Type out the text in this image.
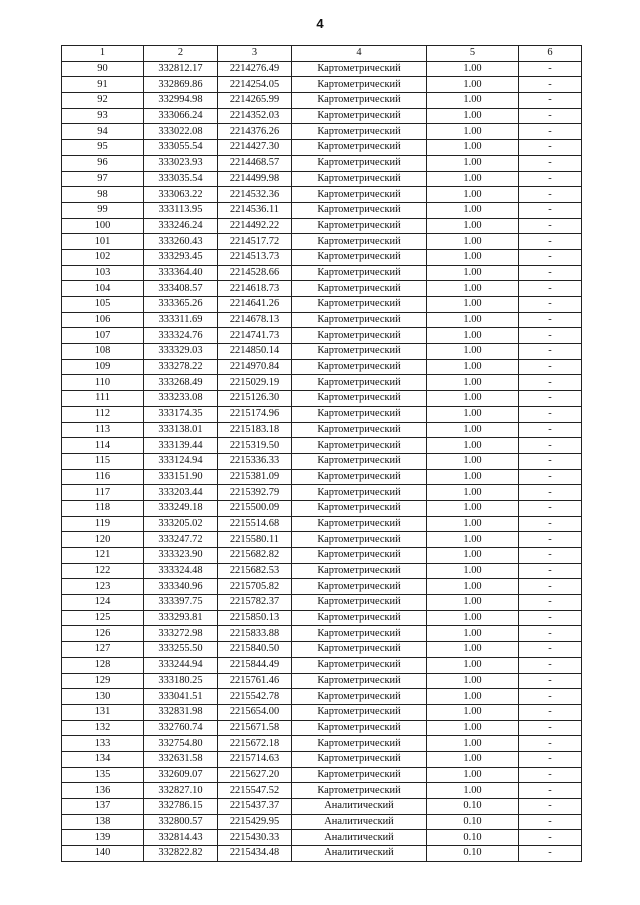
4
1	2	3	4	5	6
90	332812.17	2214276.49	Картометрический	1.00	-
91	332869.86	2214254.05	Картометрический	1.00	-
92	332994.98	2214265.99	Картометрический	1.00	-
93	333066.24	2214352.03	Картометрический	1.00	-
94	333022.08	2214376.26	Картометрический	1.00	-
95	333055.54	2214427.30	Картометрический	1.00	-
96	333023.93	2214468.57	Картометрический	1.00	-
97	333035.54	2214499.98	Картометрический	1.00	-
98	333063.22	2214532.36	Картометрический	1.00	-
99	333113.95	2214536.11	Картометрический	1.00	-
100	333246.24	2214492.22	Картометрический	1.00	-
101	333260.43	2214517.72	Картометрический	1.00	-
102	333293.45	2214513.73	Картометрический	1.00	-
103	333364.40	2214528.66	Картометрический	1.00	-
104	333408.57	2214618.73	Картометрический	1.00	-
105	333365.26	2214641.26	Картометрический	1.00	-
106	333311.69	2214678.13	Картометрический	1.00	-
107	333324.76	2214741.73	Картометрический	1.00	-
108	333329.03	2214850.14	Картометрический	1.00	-
109	333278.22	2214970.84	Картометрический	1.00	-
110	333268.49	2215029.19	Картометрический	1.00	-
111	333233.08	2215126.30	Картометрический	1.00	-
112	333174.35	2215174.96	Картометрический	1.00	-
113	333138.01	2215183.18	Картометрический	1.00	-
114	333139.44	2215319.50	Картометрический	1.00	-
115	333124.94	2215336.33	Картометрический	1.00	-
116	333151.90	2215381.09	Картометрический	1.00	-
117	333203.44	2215392.79	Картометрический	1.00	-
118	333249.18	2215500.09	Картометрический	1.00	-
119	333205.02	2215514.68	Картометрический	1.00	-
120	333247.72	2215580.11	Картометрический	1.00	-
121	333323.90	2215682.82	Картометрический	1.00	-
122	333324.48	2215682.53	Картометрический	1.00	-
123	333340.96	2215705.82	Картометрический	1.00	-
124	333397.75	2215782.37	Картометрический	1.00	-
125	333293.81	2215850.13	Картометрический	1.00	-
126	333272.98	2215833.88	Картометрический	1.00	-
127	333255.50	2215840.50	Картометрический	1.00	-
128	333244.94	2215844.49	Картометрический	1.00	-
129	333180.25	2215761.46	Картометрический	1.00	-
130	333041.51	2215542.78	Картометрический	1.00	-
131	332831.98	2215654.00	Картометрический	1.00	-
132	332760.74	2215671.58	Картометрический	1.00	-
133	332754.80	2215672.18	Картометрический	1.00	-
134	332631.58	2215714.63	Картометрический	1.00	-
135	332609.07	2215627.20	Картометрический	1.00	-
136	332827.10	2215547.52	Картометрический	1.00	-
137	332786.15	2215437.37	Аналитический	0.10	-
138	332800.57	2215429.95	Аналитический	0.10	-
139	332814.43	2215430.33	Аналитический	0.10	-
140	332822.82	2215434.48	Аналитический	0.10	-
